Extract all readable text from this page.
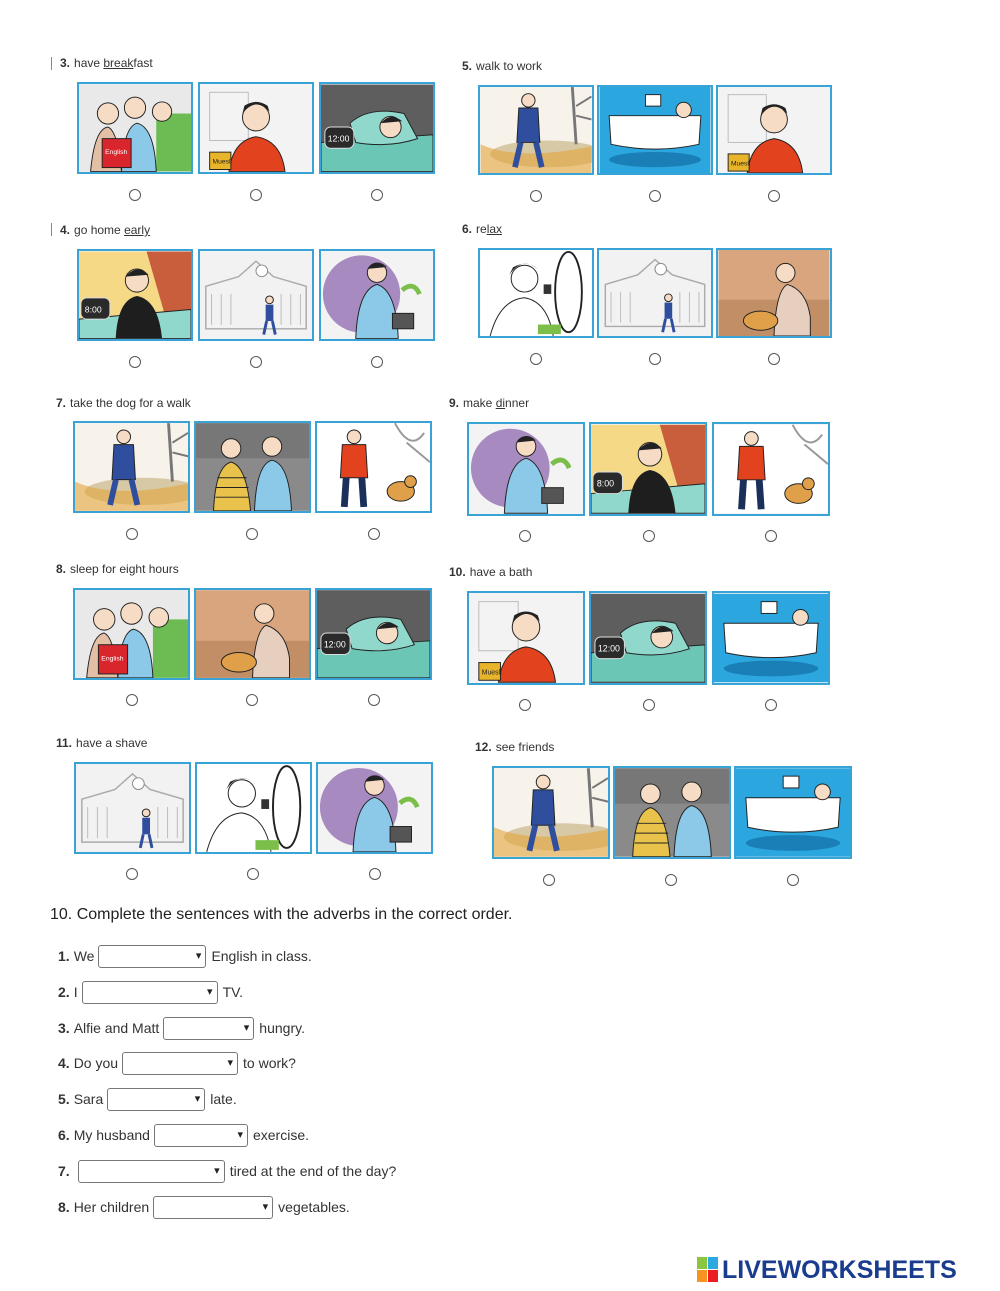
3. have breakfast
4. go home early
5. walk to work
6. relax
7. take the dog for a walk
8. sleep for eight hours
9. make dinner
10. have a bath
11. have a shave	12. see friends
10. Complete the sentences with the adverbs in the correct order.
1. We ▾	English in class.
2. I ▾	TV.
3. Alfie and Matt ▾	hungry.
4. Do you ▾	to work?
5. Sara ▾	late.
6. My husband ▾	exercise.
7. ▾	tired at the end of the day?
8. Her children ▾	vegetables.
LIVEWORKSHEETS
